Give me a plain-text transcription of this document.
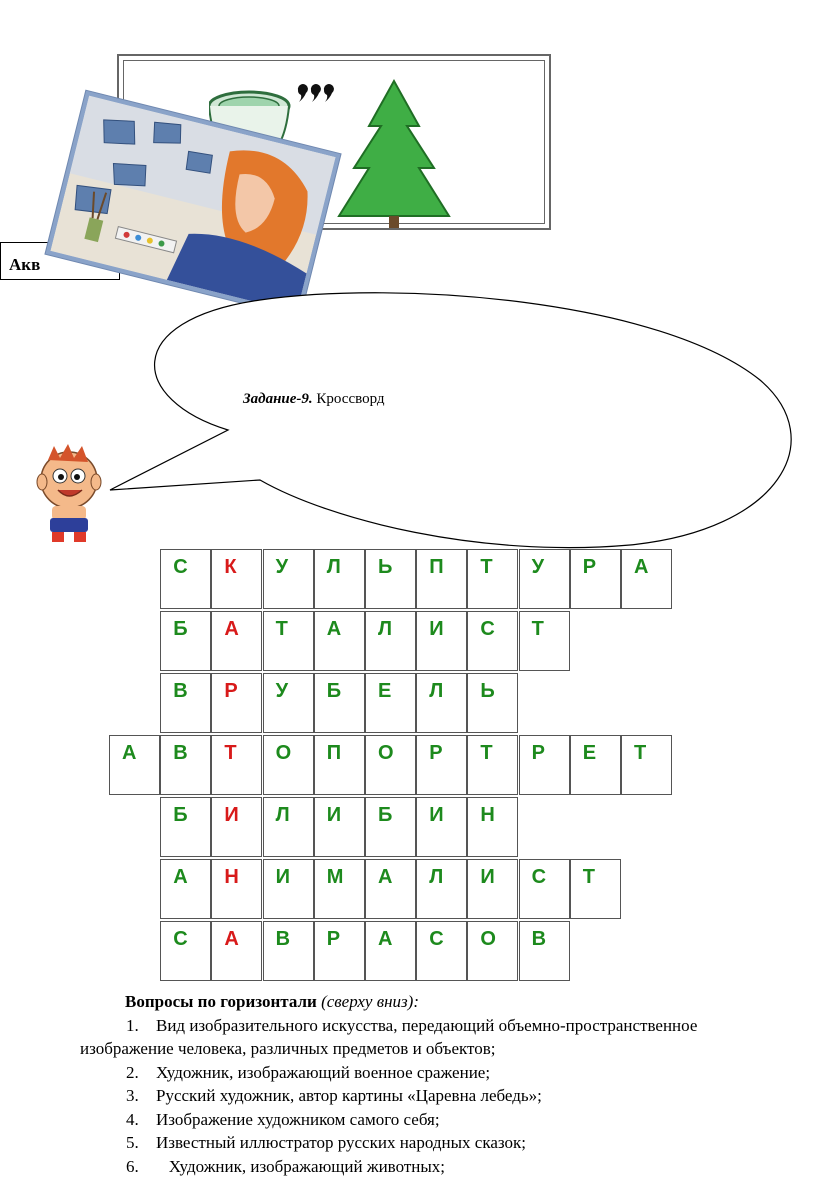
Акв
Задание-9. Кроссворд
С	К	У	Л	Ь	П	Т	У	Р	А
Б	А	Т	А	Л	И	С	Т
В	Р	У	Б	Е	Л	Ь
А	В	Т	О	П	О	Р	Т	Р	Е	Т
Б	И	Л	И	Б	И	Н
А	Н	И	М	А	Л	И	С	Т
С	А	В	Р	А	С	О	В
Вопросы по горизонтали (сверху вниз):
1. Вид изобразительного искусства, передающий объемно-пространственное
изображение человека, различных предметов и объектов;
2. Художник, изображающий военное сражение;
3. Русский художник, автор картины «Царевна лебедь»;
4. Изображение художником самого себя;
5. Известный иллюстратор русских народных сказок;
6.   Художник, изображающий животных;
